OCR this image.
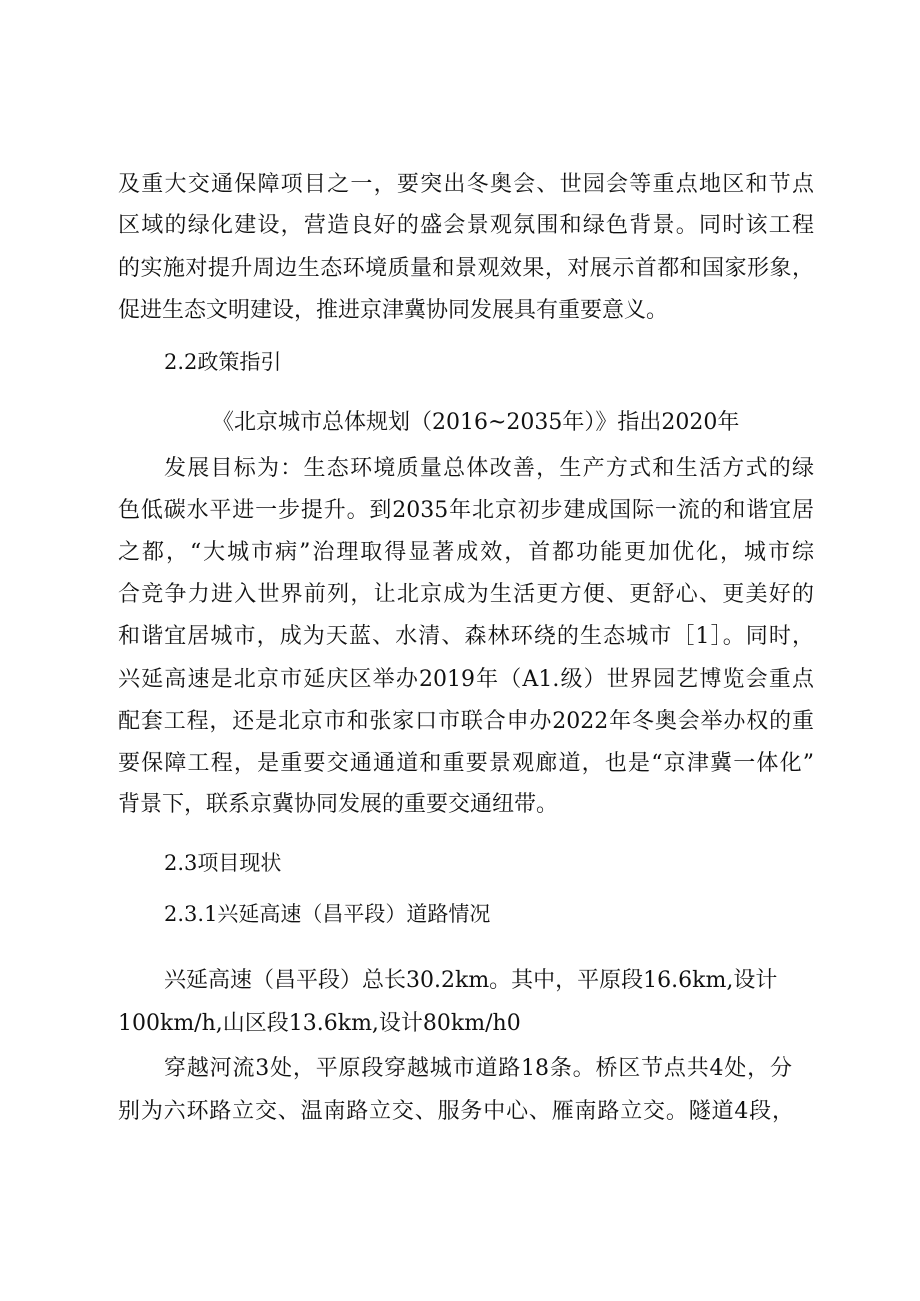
及重大交通保障项目之一，要突出冬奥会、世园会等重点地区和节点
区域的绿化建设，营造良好的盛会景观氛围和绿色背景。同时该工程
的实施对提升周边生态环境质量和景观效果，对展示首都和国家形象，
促进生态文明建设，推进京津冀协同发展具有重要意义。
2.2政策指引
《北京城市总体规划（2016~2035年）》指出2020年
发展目标为：生态环境质量总体改善，生产方式和生活方式的绿
色低碳水平进一步提升。到2035年北京初步建成国际一流的和谐宜居
之都，“大城市病”治理取得显著成效，首都功能更加优化，城市综
合竞争力进入世界前列，让北京成为生活更方便、更舒心、更美好的
和谐宜居城市，成为天蓝、水清、森林环绕的生态城市［1］。同时，
兴延高速是北京市延庆区举办2019年（A1.级）世界园艺博览会重点
配套工程，还是北京市和张家口市联合申办2022年冬奥会举办权的重
要保障工程，是重要交通通道和重要景观廊道，也是“京津冀一体化”
背景下，联系京冀协同发展的重要交通纽带。
2.3项目现状
2.3.1兴延高速（昌平段）道路情况
兴延高速（昌平段）总长30.2km。其中，平原段16.6km,设计
100km/h,山区段13.6km,设计80km/h0
穿越河流3处，平原段穿越城市道路18条。桥区节点共4处，分
别为六环路立交、温南路立交、服务中心、雁南路立交。隧道4段，
